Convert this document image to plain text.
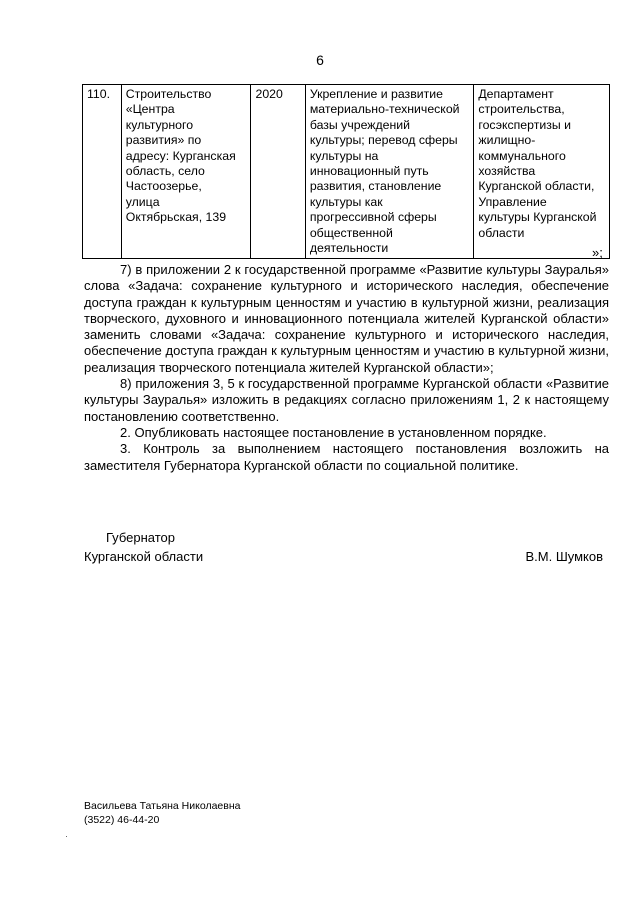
6
110.	Строительство
«Центра
культурного
развития» по
адресу: Курганская
область, село
Частоозерье,
улица
Октябрьская, 139	2020	Укрепление и развитие
материально-технической
базы учреждений
культуры; перевод сферы
культуры на
инновационный путь
развития, становление
культуры как
прогрессивной сферы
общественной
деятельности	Департамент
строительства,
госэкспертизы и
жилищно-
коммунального
хозяйства
Курганской области,
Управление
культуры Курганской
области
»;

7) в приложении 2 к государственной программе «Развитие культуры Зауралья» слова «Задача: сохранение культурного и исторического наследия, обеспечение доступа граждан к культурным ценностям и участию в культурной жизни, реализация творческого, духовного и инновационного потенциала жителей Курганской области» заменить словами «Задача: сохранение культурного и исторического наследия, обеспечение доступа граждан к культурным ценностям и участию в культурной жизни, реализация творческого потенциала жителей Курганской области»;

8) приложения 3, 5 к государственной программе Курганской области «Развитие культуры Зауралья» изложить в редакциях согласно приложениям 1, 2 к настоящему постановлению соответственно.

2. Опубликовать настоящее постановление в установленном порядке.

3. Контроль за выполнением настоящего постановления возложить на заместителя Губернатора Курганской области по социальной политике.

Губернатор
Курганской области	В.М. Шумков
Васильева Татьяна Николаевна
(3522) 46-44-20
